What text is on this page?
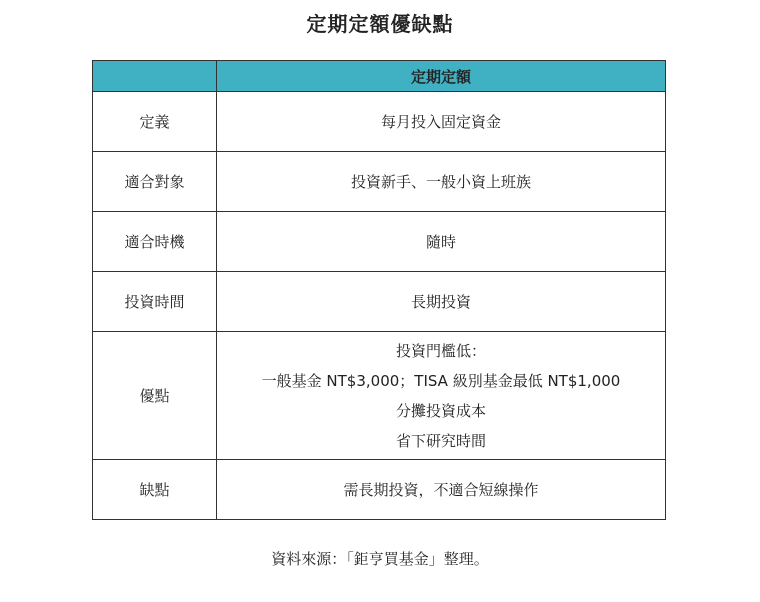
定期定額優缺點
	定期定額
定義	每月投入固定資金
適合對象	投資新手、一般小資上班族
適合時機	隨時
投資時間	長期投資
優點	投資門檻低：
一般基金 NT$3,000；TISA 級別基金最低 NT$1,000
分攤投資成本
省下研究時間

缺點	需長期投資，不適合短線操作
資料來源：「鉅亨買基金」整理。
